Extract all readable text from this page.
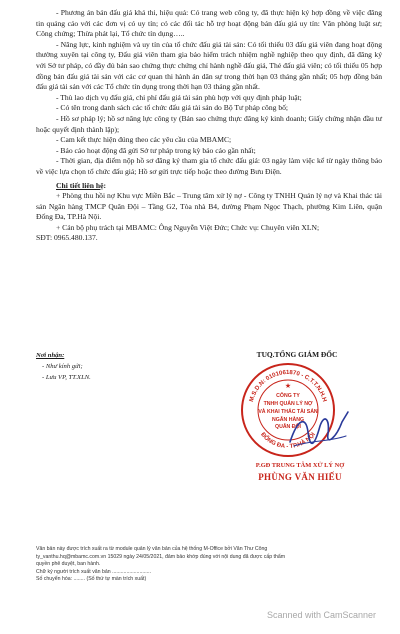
- Phương án bán đấu giá khả thi, hiệu quả: Có trang web công ty, đã thực hiện ký hợp đồng về việc đăng tin quảng cáo với các đơn vị có uy tín; có các đối tác hỗ trợ hoạt động bán đấu giá uy tín: Văn phòng luật sư; Công chứng; Thừa phát lại, Tổ chức tín dụng…..

- Năng lực, kinh nghiệm và uy tín của tổ chức đấu giá tài sản: Có tối thiểu 03 đấu giá viên đang hoạt động thường xuyên tại công ty, Đấu giá viên tham gia bảo hiểm trách nhiệm nghề nghiệp theo quy định, đã đăng ký với Sở tư pháp, có đầy đủ bản sao chứng thực chứng chỉ hành nghề đấu giá, Thẻ đấu giá viên; có tối thiểu 05 hợp đồng bán đấu giá tài sản với các cơ quan thi hành án dân sự trong thời hạn 03 tháng gần nhất; 05 hợp đồng bán đấu giá tài sản với các Tổ chức tín dụng trong thời hạn 03 tháng gần nhất.

- Thù lao dịch vụ đấu giá, chi phí đấu giá tài sản phù hợp với quy định pháp luật;

- Có tên trong danh sách các tổ chức đấu giá tài sản do Bộ Tư pháp công bố;

- Hồ sơ pháp lý; hồ sơ năng lực công ty (Bản sao chứng thực đăng ký kinh doanh; Giấy chứng nhận đầu tư hoặc quyết định thành lập);

- Cam kết thực hiện đúng theo các yêu cầu của MBAMC;

- Báo cáo hoạt động đã gửi Sở tư pháp trong kỳ báo cáo gần nhất;

- Thời gian, địa điểm nộp hồ sơ đăng ký tham gia tổ chức đấu giá: 03 ngày làm việc kể từ ngày thông báo về việc lựa chọn tổ chức đấu giá; Hồ sơ gửi trực tiếp hoặc theo đường Bưu Điện.

Chi tiết liên hệ:

+ Phòng thu hồi nợ Khu vực Miền Bắc – Trung tâm xử lý nợ - Công ty TNHH Quản lý nợ và Khai thác tài sản Ngân hàng TMCP Quân Đội – Tầng G2, Tòa nhà B4, đường Phạm Ngọc Thạch, phường Kim Liên, quận Đống Đa, TP.Hà Nội.

+ Cán bộ phụ trách tại MBAMC: Ông Nguyễn Việt Đức; Chức vụ: Chuyên viên XLN;

SĐT: 0965.480.137.

Nơi nhận:
- Như kính gửi;
- Lưu VP, TT.XLN.
TUQ.TỔNG GIÁM ĐỐC
M.S.D.N: 0101061870 - C.T.T.N.H.H
ĐỐNG ĐA - TP.HÀ NỘI
CÔNG TY
TNHH QUẢN LÝ NỢ
VÀ KHAI THÁC TÀI SẢN
NGÂN HÀNG
QUÂN ĐỘI
★
P.GĐ TRUNG TÂM XỬ LÝ NỢ
PHÙNG VĂN HIẾU

Văn bản này được trích xuất ra từ module quản lý văn bản của hệ thống M-Office bởi Văn Thư Công

ty_vanthu.hq@mbamc.com.vn 15029 ngày 24/05/2021, đảm bảo khớp đúng với nội dung đã được cấp thẩm

quyền phê duyệt, ban hành.

Chữ ký người trích xuất văn bản ...........................

Số chuyển hóa: ........ (Số thứ tự màn trích xuất)

Scanned with CamScanner
